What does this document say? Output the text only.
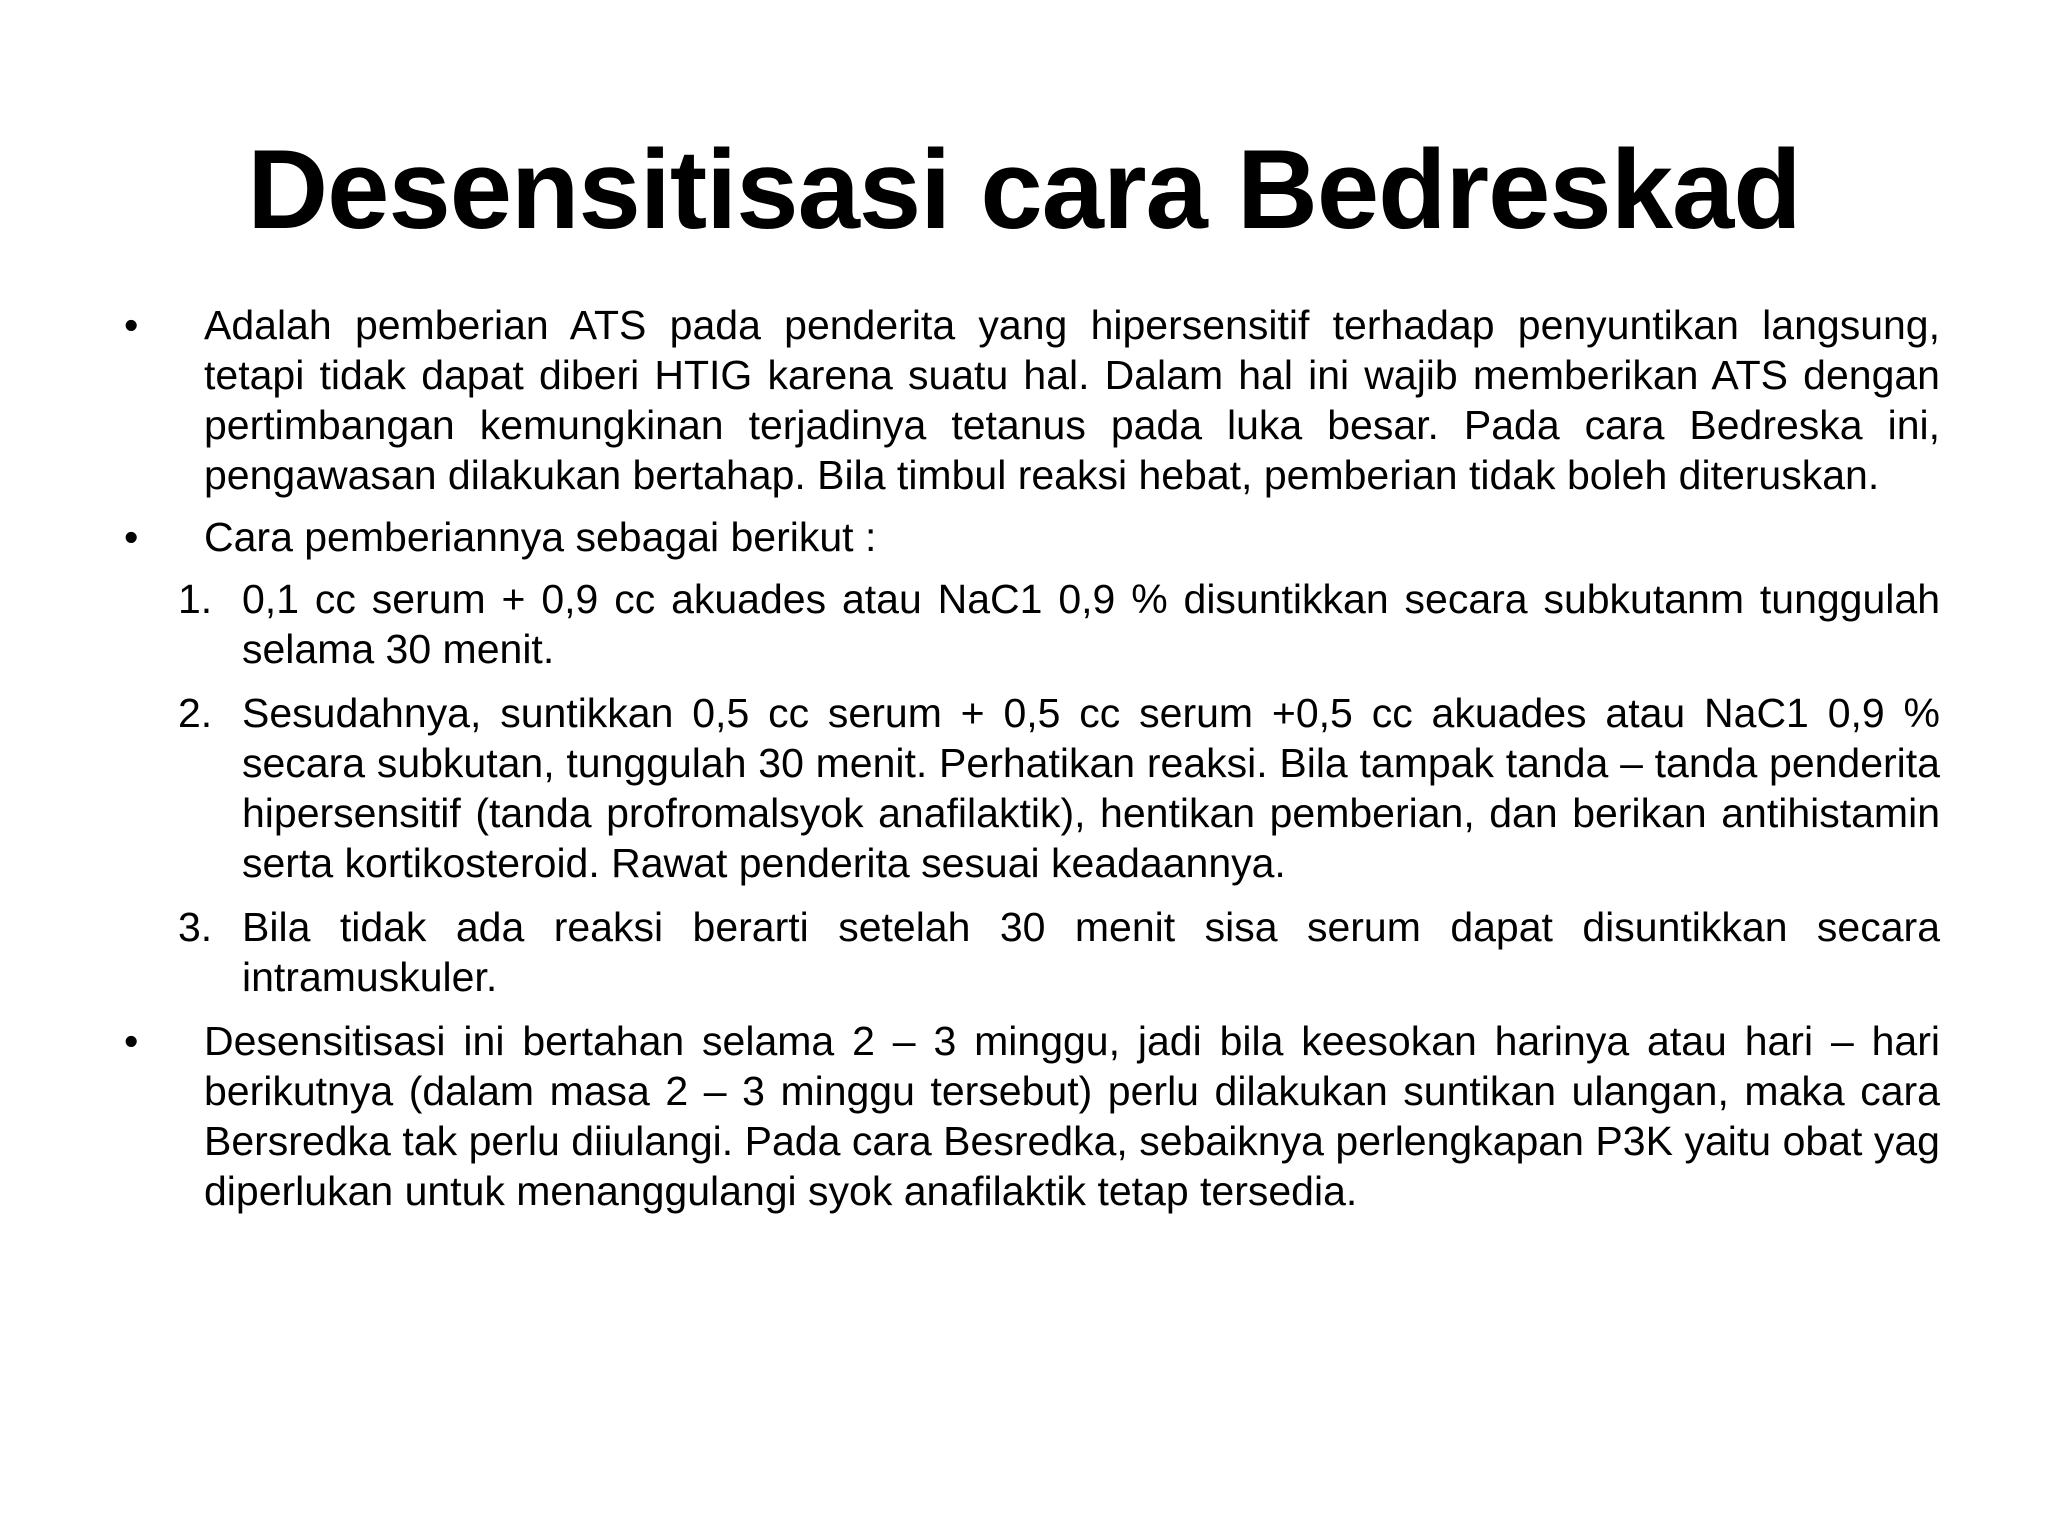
Desensitisasi cara Bedreskad
•	Adalah pemberian ATS pada penderita yang hipersensitif terhadap penyuntikan langsung, tetapi tidak dapat diberi HTIG karena suatu hal. Dalam hal ini wajib memberikan ATS dengan pertimbangan kemungkinan terjadinya tetanus pada luka besar. Pada cara Bedreska ini, pengawasan dilakukan bertahap. Bila timbul reaksi hebat, pemberian tidak boleh diteruskan.
•	Cara pemberiannya sebagai berikut :
1. 0,1 cc serum + 0,9 cc akuades atau NaC1 0,9 % disuntikkan secara subkutanm tunggulah selama 30 menit.
2. Sesudahnya, suntikkan 0,5 cc serum + 0,5 cc serum +0,5 cc akuades atau NaC1 0,9 % secara subkutan, tunggulah 30 menit. Perhatikan reaksi. Bila tampak tanda – tanda penderita hipersensitif (tanda profromalsyok anafilaktik), hentikan pemberian, dan berikan antihistamin serta kortikosteroid. Rawat penderita sesuai keadaannya.
3. Bila tidak ada reaksi berarti setelah 30 menit sisa serum dapat disuntikkan secara intramuskuler.
•	Desensitisasi ini bertahan selama 2 – 3 minggu, jadi bila keesokan harinya atau hari – hari berikutnya (dalam masa 2 – 3 minggu tersebut) perlu dilakukan suntikan ulangan, maka cara Bersredka tak perlu diiulangi. Pada cara Besredka, sebaiknya perlengkapan P3K yaitu obat yag diperlukan untuk menanggulangi syok anafilaktik tetap tersedia.
